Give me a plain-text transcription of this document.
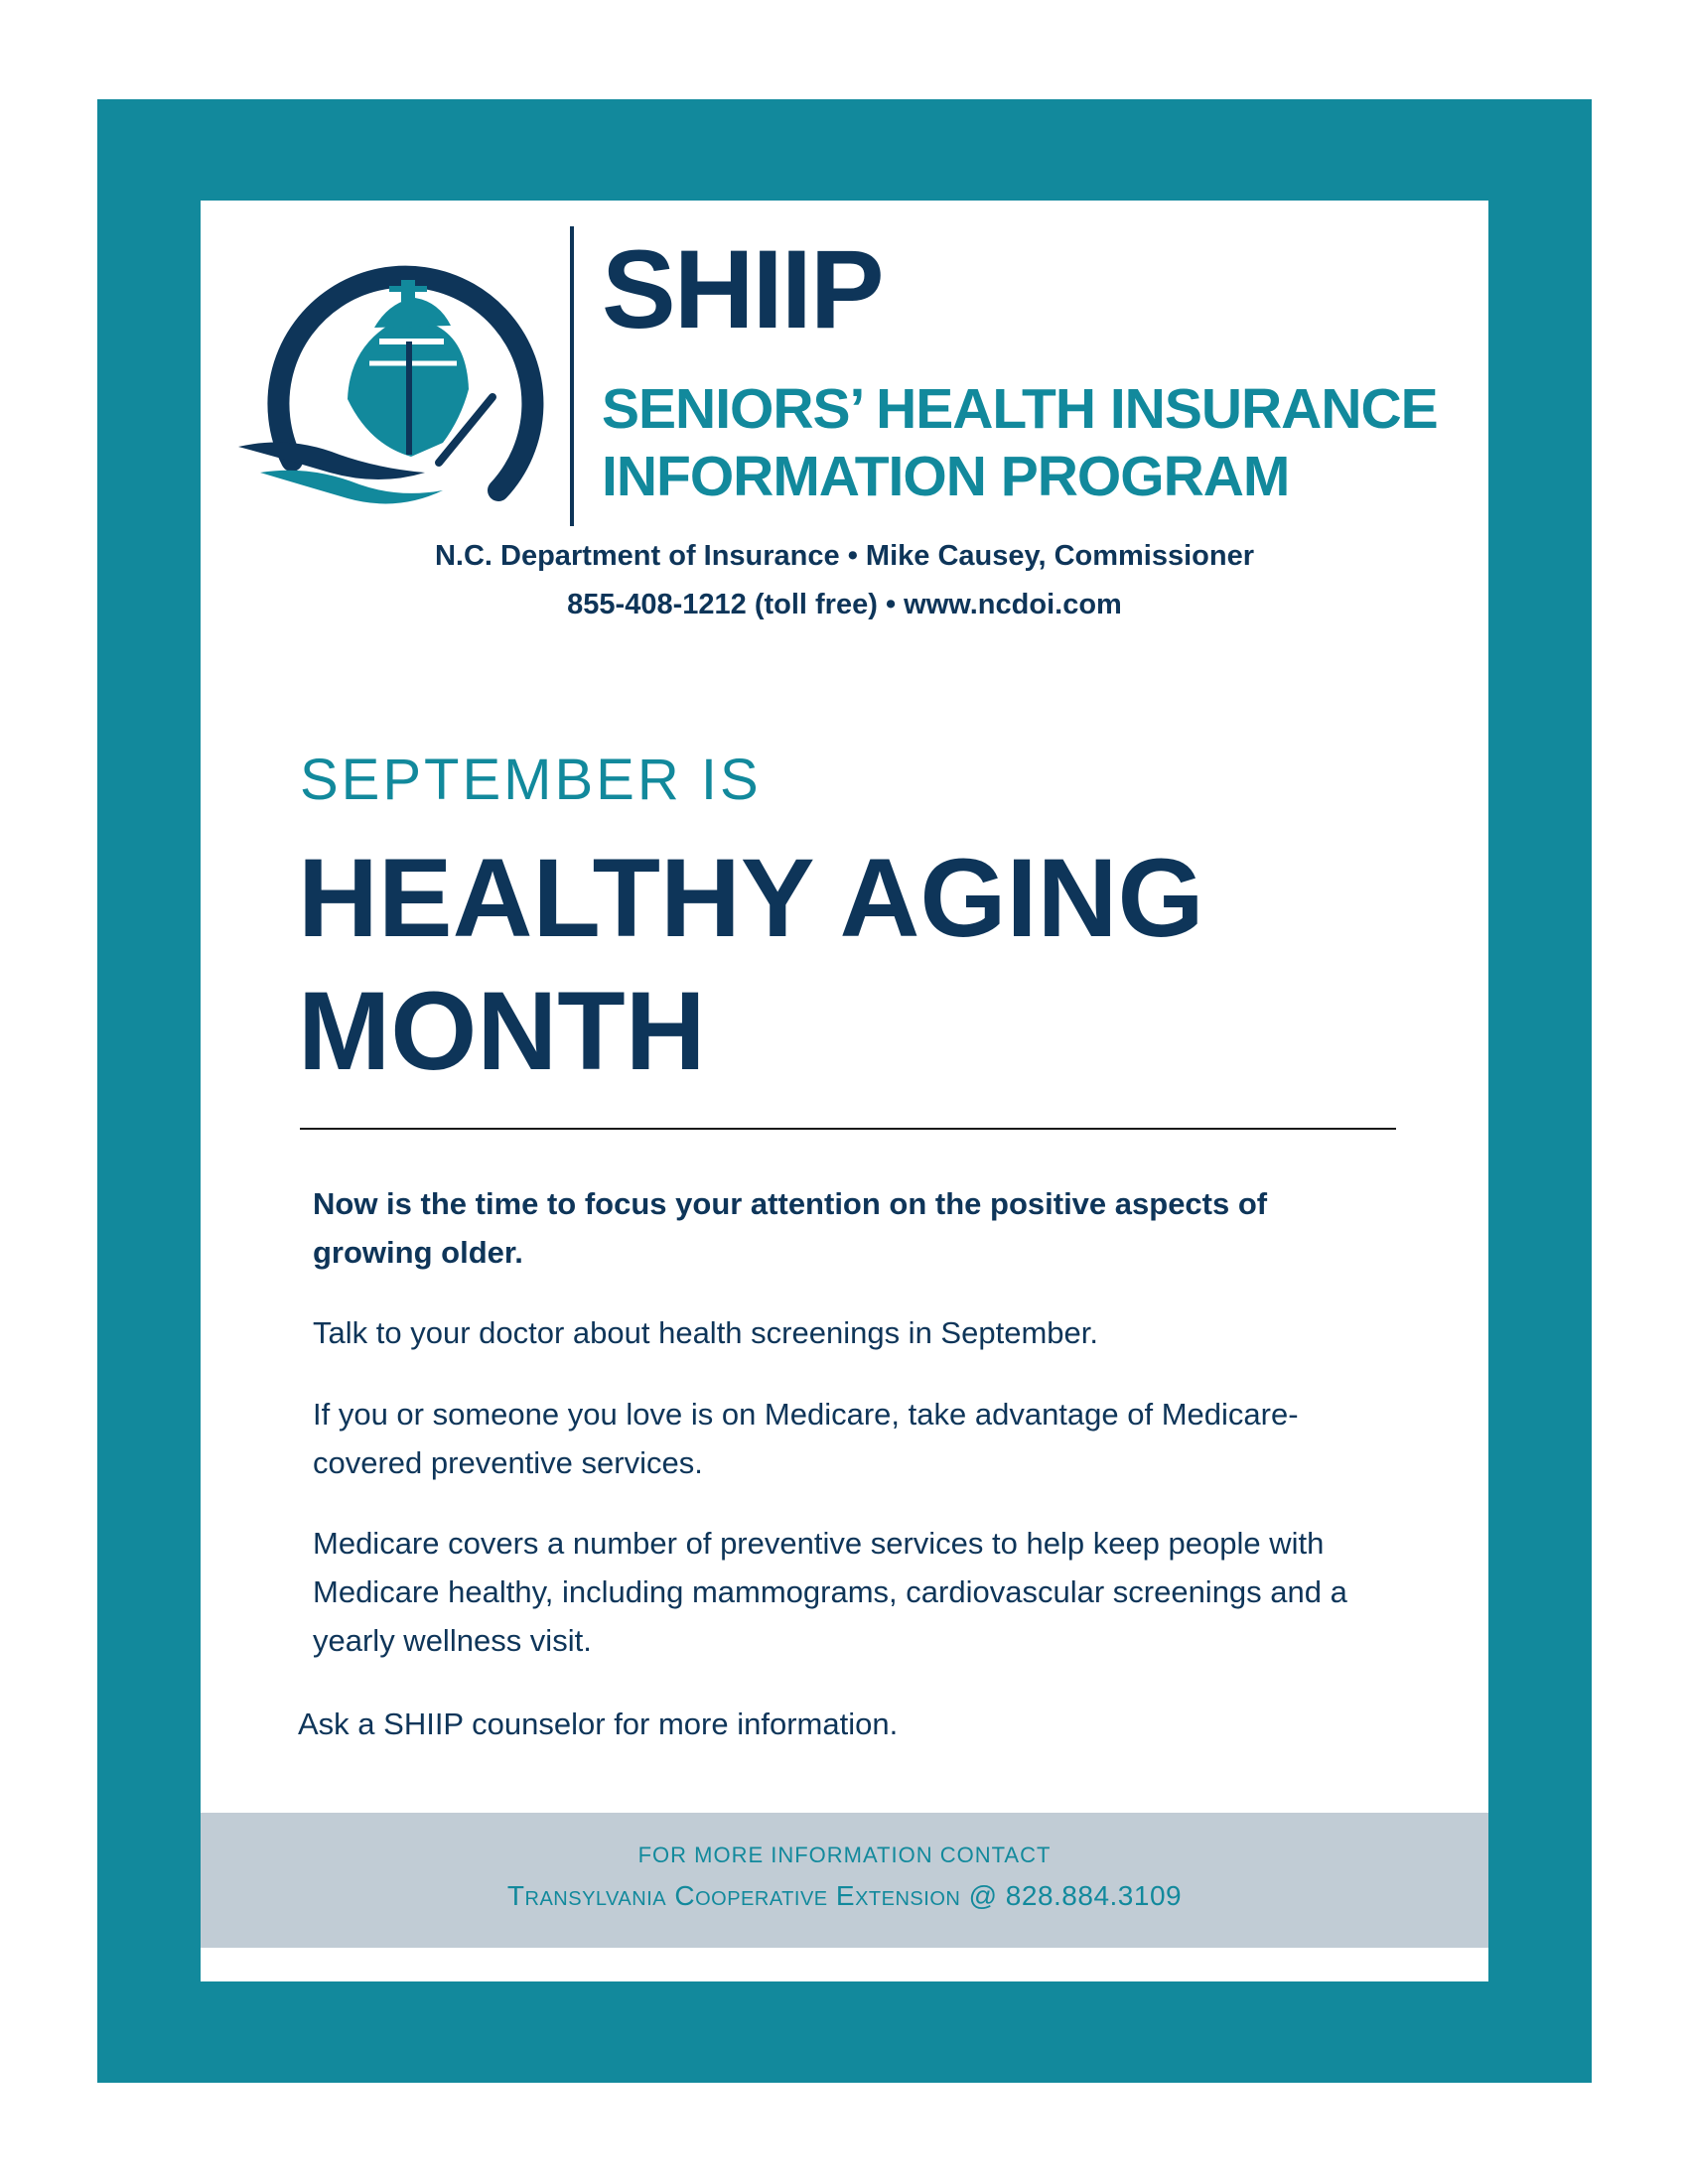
SHIIP

SENIORS’ HEALTH INSURANCE

INFORMATION PROGRAM

N.C. Department of Insurance • Mike Causey, Commissioner
855-408-1212 (toll free) • www.ncdoi.com
SEPTEMBER IS
HEALTHY AGING MONTH

Now is the time to focus your attention on the positive aspects of growing older.

Talk to your doctor about health screenings in September.

If you or someone you love is on Medicare, take advantage of Medicare-covered preventive services.

Medicare covers a number of preventive services to help keep people with Medicare healthy, including mammograms, cardiovascular screenings and a yearly wellness visit.

Ask a SHIIP counselor for more information.

FOR MORE INFORMATION CONTACT
Transylvania Cooperative Extension @ 828.884.3109
